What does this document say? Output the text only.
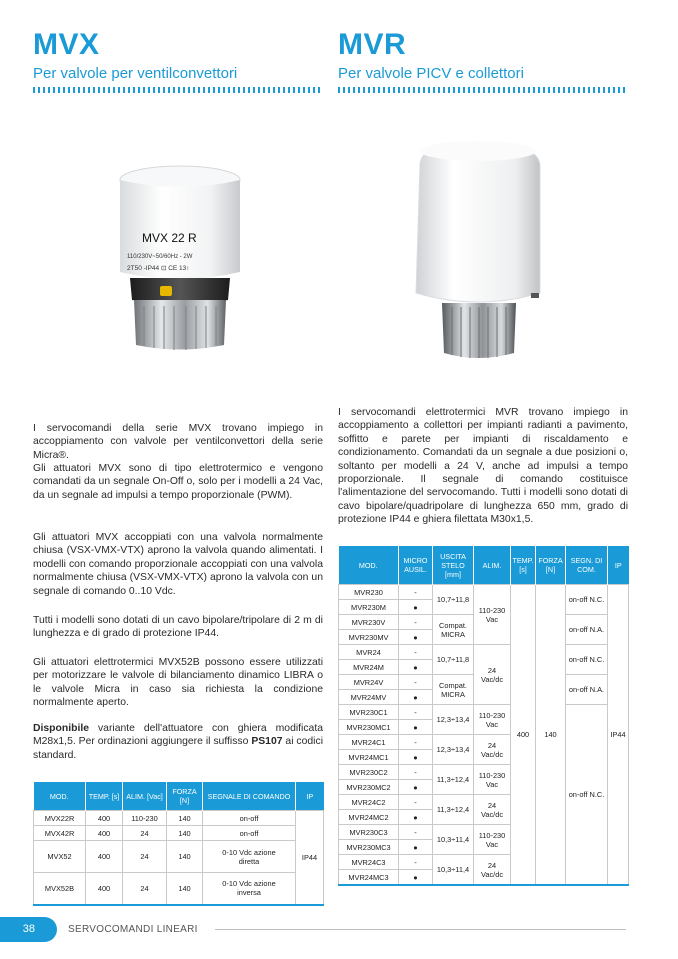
MVX
Per valvole per ventilconvettori
MVR
Per valvole PICV e collettori
MVX 22 R
110/230V~50/60Hz - 2W
2T50 -IP44 ⊡ CE 13↑

I servocomandi della serie MVX trovano impiego in accoppiamento con valvole per ventilconvettori della serie Micra®.

Gli attuatori MVX sono di tipo elettrotermico e vengono comandati da un segnale On-Off o, solo per i modelli a 24 Vac, da un segnale ad impulsi a tempo proporzionale (PWM).

Gli attuatori MVX accoppiati con una valvola normalmente chiusa (VSX-VMX-VTX) aprono la valvola quando alimentati. I modelli con comando proporzionale accoppiati con una valvola normalmente chiusa (VSX-VMX-VTX) aprono la valvola con un segnale di comando 0..10 Vdc.

Tutti i modelli sono dotati di un cavo bipolare/tripolare di 2 m di lunghezza e di grado di protezione IP44.

Gli attuatori elettrotermici MVX52B possono essere utilizzati per motorizzare le valvole di bilanciamento dinamico LIBRA o le valvole Micra in caso sia richiesta la condizione normalmente aperto.

Disponibile variante dell'attuatore con ghiera modificata M28x1,5. Per ordinazioni aggiungere il suffisso PS107 ai codici standard.

MOD.	TEMP. [s]	ALIM. [Vac]	FORZA [N]	SEGNALE DI COMANDO	IP
MVX22R	400	110-230	140	on-off	IP44
MVX42R	400	24	140	on-off	
MVX52	400	24	140	0-10 Vdc azione diretta	
MVX52B	400	24	140	0-10 Vdc azione inversa	

I servocomandi elettrotermici MVR trovano impiego in accoppiamento a collettori per impianti radianti a pavimento, soffitto e parete per impianti di riscaldamento e condizionamento. Comandati da un segnale a due posizioni o, soltanto per modelli a 24 V, anche ad impulsi a tempo proporzionale. Il segnale di comando costituisce l'alimentazione del servocomando. Tutti i modelli sono dotati di cavo bipolare/quadripolare di lunghezza 650 mm, grado di protezione IP44 e ghiera filettata M30x1,5.

MOD.	MICRO AUSIL.	USCITA STELO [mm]	ALIM.	TEMP. [s]	FORZA [N]	SEGN. DI COM.	IP
MVR230	-	10,7÷11,8	110-230 Vac	400	140	on-off N.C.	IP44
MVR230M	●						
MVR230V	-	Compat. MICRA				on-off N.A.	
MVR230MV	●						
MVR24	-	10,7÷11,8	24 Vac/dc			on-off N.C.	
MVR24M	●						
MVR24V	-	Compat. MICRA				on-off N.A.	
MVR24MV	●						
MVR230C1	-	12,3÷13,4	110-230 Vac			on-off N.C.	
MVR230MC1	●						
MVR24C1	-	12,3÷13,4	24 Vac/dc				
MVR24MC1	●						
MVR230C2	-	11,3÷12,4	110-230 Vac				
MVR230MC2	●						
MVR24C2	-	11,3÷12,4	24 Vac/dc				
MVR24MC2	●						
MVR230C3	-	10,3÷11,4	110-230 Vac				
MVR230MC3	●						
MVR24C3	-	10,3÷11,4	24 Vac/dc				
MVR24MC3	●						
38	SERVOCOMANDI LINEARI
